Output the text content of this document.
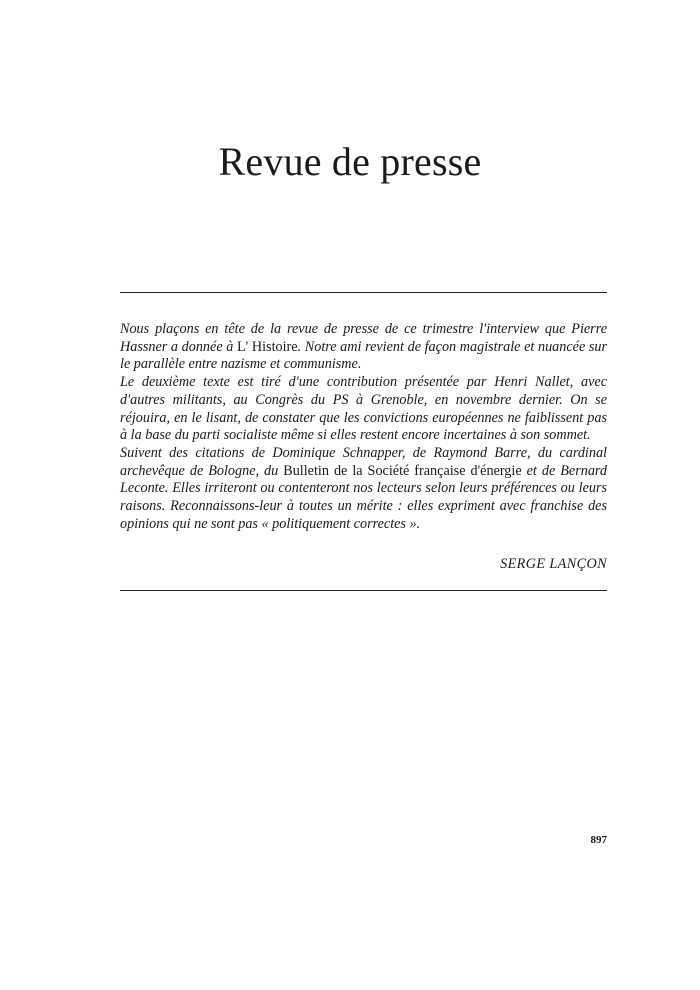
Revue de presse

Nous plaçons en tête de la revue de presse de ce trimestre l'interview que Pierre Hassner a donnée à L' Histoire. Notre ami revient de façon magistrale et nuancée sur le parallèle entre nazisme et communisme.

Le deuxième texte est tiré d'une contribution présentée par Henri Nallet, avec d'autres militants, au Congrès du PS à Grenoble, en novembre dernier. On se réjouira, en le lisant, de constater que les convictions européennes ne faiblissent pas à la base du parti socialiste même si elles restent encore incertaines à son sommet.

Suivent des citations de Dominique Schnapper, de Raymond Barre, du cardinal archevêque de Bologne, du Bulletin de la Société française d'énergie et de Bernard Leconte. Elles irriteront ou contenteront nos lecteurs selon leurs préférences ou leurs raisons. Reconnaissons-leur à toutes un mérite : elles expriment avec franchise des opinions qui ne sont pas « politiquement correctes ».

SERGE LANÇON
897
